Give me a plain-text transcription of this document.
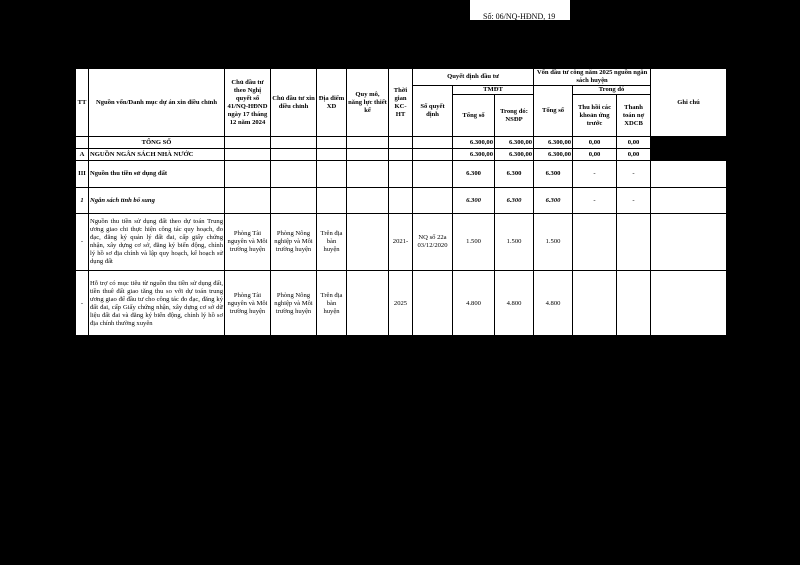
Số: 06/NQ-HĐND, 19
TT	Nguồn vốn/Danh mục dự án xin điều chỉnh	Chủ đầu tư theo Nghị quyết số 41/NQ-HĐND ngày 17 tháng 12 năm 2024	Chủ đầu tư xin điều chỉnh	Địa điểm XD	Quy mô, năng lực thiết kế	Thời gian KC-HT	Quyết định đầu tư			Vốn đầu tư công năm 2025 nguồn ngân sách huyện			Ghi chú
							Số quyết định	TMĐT		Tổng số	Trong đó		
								Tổng số	Trong đó: NSĐP		Thu hồi các khoản ứng trước	Thanh toán nợ XDCB	
	TỔNG SỐ							6.300,00	6.300,00	6.300,00	0,00	0,00	
A	NGUỒN NGÂN SÁCH NHÀ NƯỚC							6.300,00	6.300,00	6.300,00	0,00	0,00	
III	Nguồn thu tiền sử dụng đất							6.300	6.300	6.300	-	-	
1	Ngân sách tỉnh bổ sung							6.300	6.300	6.300	-	-	
-	Nguồn thu tiền sử dụng đất theo dự toán Trung ương giao chi thực hiện công tác quy hoạch, đo đạc, đăng ký quản lý đất đai, cấp giấy chứng nhận, xây dựng cơ sở, đăng ký biến động, chỉnh lý hồ sơ địa chính và lập quy hoạch, kế hoạch sử dụng đất	Phòng Tài nguyên và Môi trường huyện	Phòng Nông nghiệp và Môi trường huyện	Trên địa bàn huyện		2021-	NQ số 22a 03/12/2020	1.500	1.500	1.500			
-	Hỗ trợ có mục tiêu từ nguồn thu tiền sử dụng đất, tiền thuê đất giao tăng thu so với dự toán trung ương giao để đầu tư cho công tác đo đạc, đăng ký đất đai, cấp Giấy chứng nhận, xây dựng cơ sở dữ liệu đất đai và đăng ký biến động, chỉnh lý hồ sơ địa chính thường xuyên	Phòng Tài nguyên và Môi trường huyện	Phòng Nông nghiệp và Môi trường huyện	Trên địa bàn huyện		2025		4.800	4.800	4.800			
